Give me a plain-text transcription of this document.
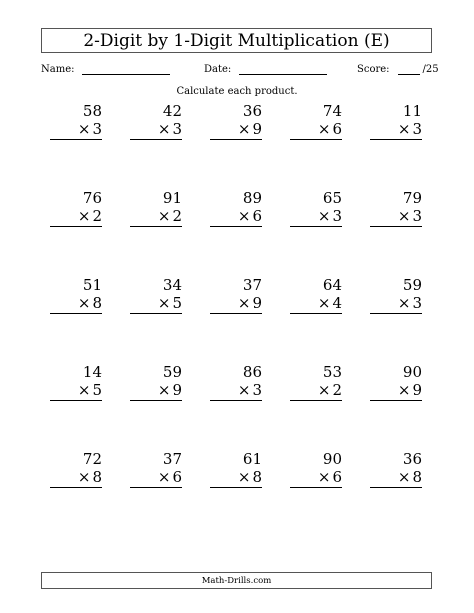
2-Digit by 1-Digit Multiplication (E)
Name:	Date:	Score:	/25
Calculate each product.
58
× 3
42
× 3
36
× 9
74
× 6
11
× 3
76
× 2
91
× 2
89
× 6
65
× 3
79
× 3
51
× 8
34
× 5
37
× 9
64
× 4
59
× 3
14
× 5
59
× 9
86
× 3
53
× 2
90
× 9
72
× 8
37
× 6
61
× 8
90
× 6
36
× 8
Math-Drills.com
